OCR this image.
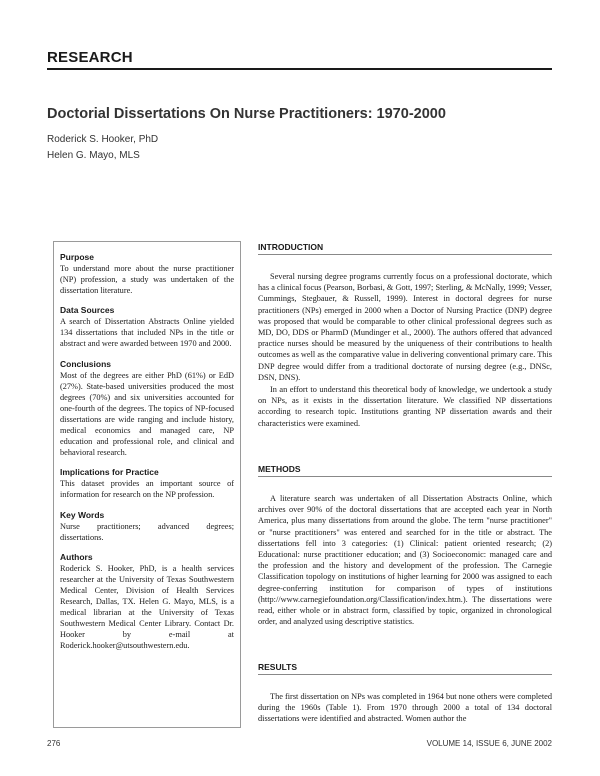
RESEARCH
Doctorial Dissertations On Nurse Practitioners: 1970-2000
Roderick S. Hooker, PhD
Helen G. Mayo, MLS

Purpose

To understand more about the nurse practitioner (NP) profession, a study was undertaken of the dissertation literature.

Data Sources

A search of Dissertation Abstracts Online yielded 134 dissertations that included NPs in the title or abstract and were awarded between 1970 and 2000.

Conclusions

Most of the degrees are either PhD (61%) or EdD (27%). State-based universities produced the most degrees (70%) and six universities accounted for one-fourth of the degrees. The topics of NP-focused dissertations are wide ranging and include history, medical economics and managed care, NP education and professional role, and clinical and behavioral research.

Implications for Practice

This dataset provides an important source of information for research on the NP profession.

Key Words

Nurse practitioners; advanced degrees; dissertations.

Authors

Roderick S. Hooker, PhD, is a health services researcher at the University of Texas Southwestern Medical Center, Division of Health Services Research, Dallas, TX. Helen G. Mayo, MLS, is a medical librarian at the University of Texas Southwestern Medical Center Library. Contact Dr. Hooker by e-mail at Roderick.hooker@utsouthwestern.edu.

INTRODUCTION

Several nursing degree programs currently focus on a professional doctorate, which has a clinical focus (Pearson, Borbasi, & Gott, 1997; Sterling, & McNally, 1999; Vesser, Cummings, Stegbauer, & Russell, 1999). Interest in doctoral degrees for nurse practitioners (NPs) emerged in 2000 when a Doctor of Nursing Practice (DNP) degree was proposed that would be comparable to other clinical professional degrees such as MD, DO, DDS or PharmD (Mundinger et al., 2000). The authors offered that advanced practice nurses should be measured by the uniqueness of their contributions to health outcomes as well as the comparative value in delivering conventional primary care. This DNP degree would differ from a traditional doctorate of nursing degree (e.g., DNSc, DSN, DNS).

In an effort to understand this theoretical body of knowledge, we undertook a study on NPs, as it exists in the dissertation literature. We classified NP dissertations according to research topic. Institutions granting NP dissertation awards and their characteristics were examined.

METHODS

A literature search was undertaken of all Dissertation Abstracts Online, which archives over 90% of the doctoral dissertations that are accepted each year in North America, plus many dissertations from around the globe. The term "nurse practitioner" or "nurse practitioners" was entered and searched for in the title or abstract. The dissertations fell into 3 categories: (1) Clinical: patient oriented research; (2) Educational: nurse practitioner education; and (3) Socioeconomic: managed care and the profession and the history and development of the profession. The Carnegie Classification topology on institutions of higher learning for 2000 was assigned to each degree-conferring institution for comparison of types of institutions (http://www.carnegiefoundation.org/Classification/index.htm.). The dissertations were read, either whole or in abstract form, classified by topic, organized in chronological order, and analyzed using descriptive statistics.

RESULTS

The first dissertation on NPs was completed in 1964 but none others were completed during the 1960s (Table 1). From 1970 through 2000 a total of 134 doctoral dissertations were identified and abstracted. Women author the

276	VOLUME 14, ISSUE 6, JUNE 2002
